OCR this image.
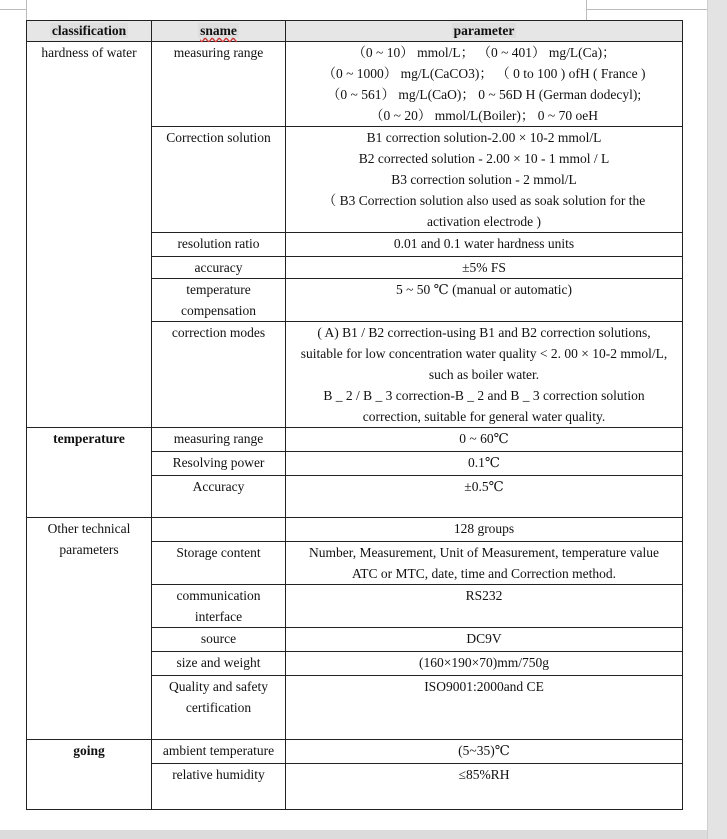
classification	sname	parameter
hardness of water	measuring range	（0 ~ 10） mmol/L； （0 ~ 401） mg/L(Ca)；
（0 ~ 1000） mg/L(CaCO3)； （ 0 to 100 ) ofH ( France )
（0 ~ 561） mg/L(CaO)； 0 ~ 56D H (German dodecyl);
（0 ~ 20） mmol/L(Boiler)； 0 ~ 70 oeH

	Correction solution	B1 correction solution-2.00 × 10-2 mmol/L
B2 corrected solution - 2.00 × 10 - 1 mmol / L
B3 correction solution - 2 mmol/L
（ B3 Correction solution also used as soak solution for the
activation electrode )

	resolution ratio	0.01 and 0.1 water hardness units
	accuracy	±5% FS

	temperature
compensation	5 ~ 50 ℃ (manual or automatic)
	correction modes	( A) B1 / B2 correction-using B1 and B2 correction solutions,
suitable for low concentration water quality < 2. 00 × 10-2 mmol/L,
such as boiler water.
B _ 2 / B _ 3 correction-B _ 2 and B _ 3 correction solution
correction, suitable for general water quality.

temperature	measuring range	0 ~ 60℃
	Resolving power	0.1℃
	Accuracy	±0.5℃

Other technical
parameters		128 groups
	Storage content	Number, Measurement, Unit of Measurement, temperature value
ATC or MTC, date, time and Correction method.

	communication
interface	RS232
	source	DC9V
	size and weight	(160×190×70)mm/750g

	Quality and safety
certification	ISO9001:2000and CE
going	ambient temperature	(5~35)℃
	relative humidity	≤85%RH
